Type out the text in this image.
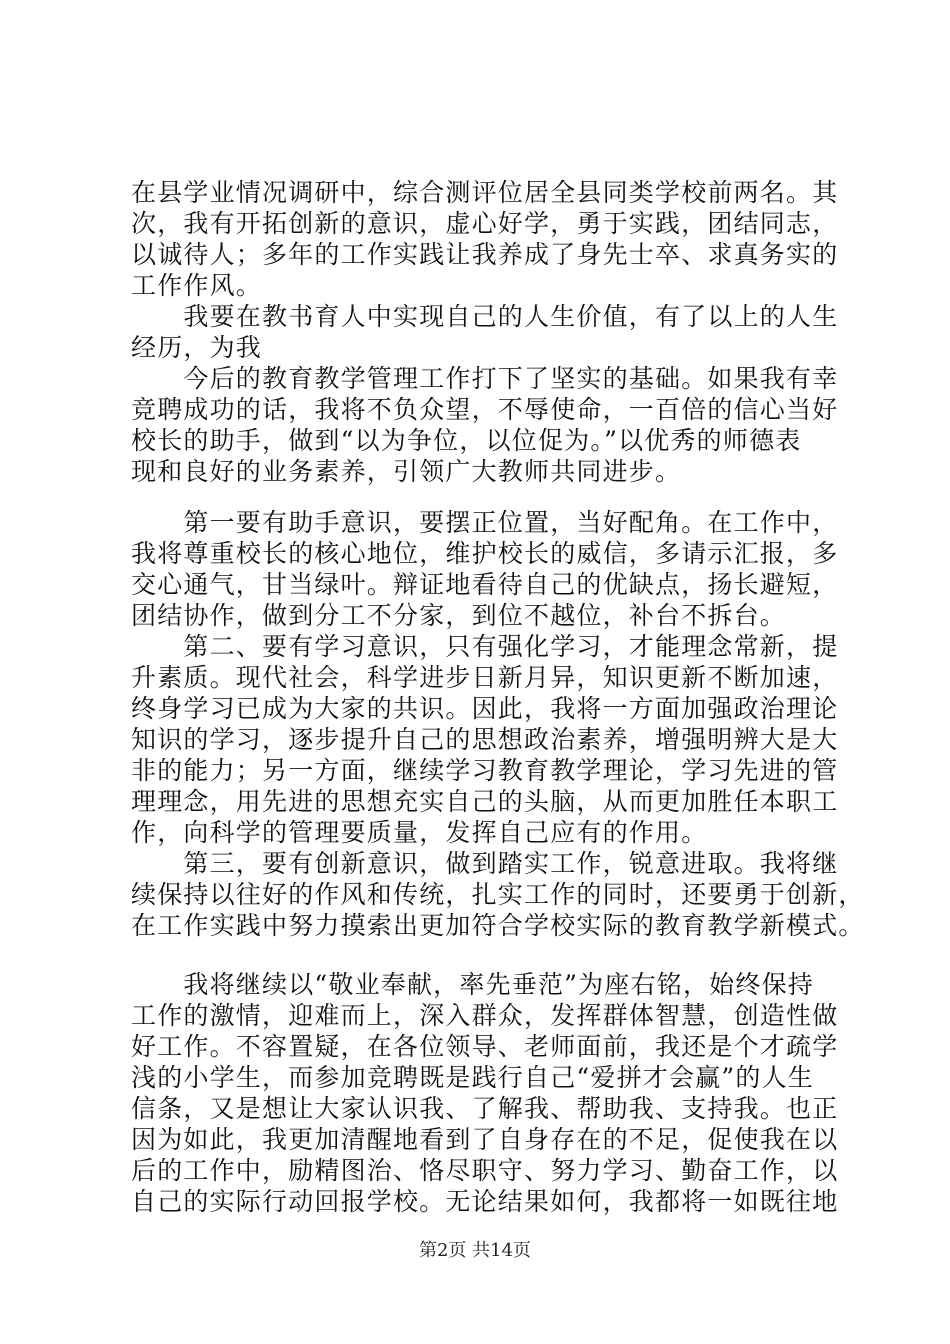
在县学业情况调研中，综合测评位居全县同类学校前两名。其
次，我有开拓创新的意识，虚心好学，勇于实践，团结同志，
以诚待人；多年的工作实践让我养成了身先士卒、求真务实的
工作作风。
　　我要在教书育人中实现自己的人生价值，有了以上的人生
经历，为我
　　今后的教育教学管理工作打下了坚实的基础。如果我有幸
竞聘成功的话，我将不负众望，不辱使命，一百倍的信心当好
校长的助手，做到“以为争位，以位促为。”以优秀的师德表
现和良好的业务素养，引领广大教师共同进步。
　　第一要有助手意识，要摆正位置，当好配角。在工作中，
我将尊重校长的核心地位，维护校长的威信，多请示汇报，多
交心通气，甘当绿叶。辩证地看待自己的优缺点，扬长避短，
团结协作，做到分工不分家，到位不越位，补台不拆台。
　　第二、要有学习意识，只有强化学习，才能理念常新，提
升素质。现代社会，科学进步日新月异，知识更新不断加速，
终身学习已成为大家的共识。因此，我将一方面加强政治理论
知识的学习，逐步提升自己的思想政治素养，增强明辨大是大
非的能力；另一方面，继续学习教育教学理论，学习先进的管
理理念，用先进的思想充实自己的头脑，从而更加胜任本职工
作，向科学的管理要质量，发挥自己应有的作用。
　　第三，要有创新意识，做到踏实工作，锐意进取。我将继
续保持以往好的作风和传统，扎实工作的同时，还要勇于创新，
在工作实践中努力摸索出更加符合学校实际的教育教学新模式。
　　我将继续以“敬业奉献，率先垂范”为座右铭，始终保持
工作的激情，迎难而上，深入群众，发挥群体智慧，创造性做
好工作。不容置疑，在各位领导、老师面前，我还是个才疏学
浅的小学生，而参加竞聘既是践行自己“爱拼才会赢”的人生
信条，又是想让大家认识我、了解我、帮助我、支持我。也正
因为如此，我更加清醒地看到了自身存在的不足，促使我在以
后的工作中，励精图治、恪尽职守、努力学习、勤奋工作，以
自己的实际行动回报学校。无论结果如何，我都将一如既往地
第2页 共14页
